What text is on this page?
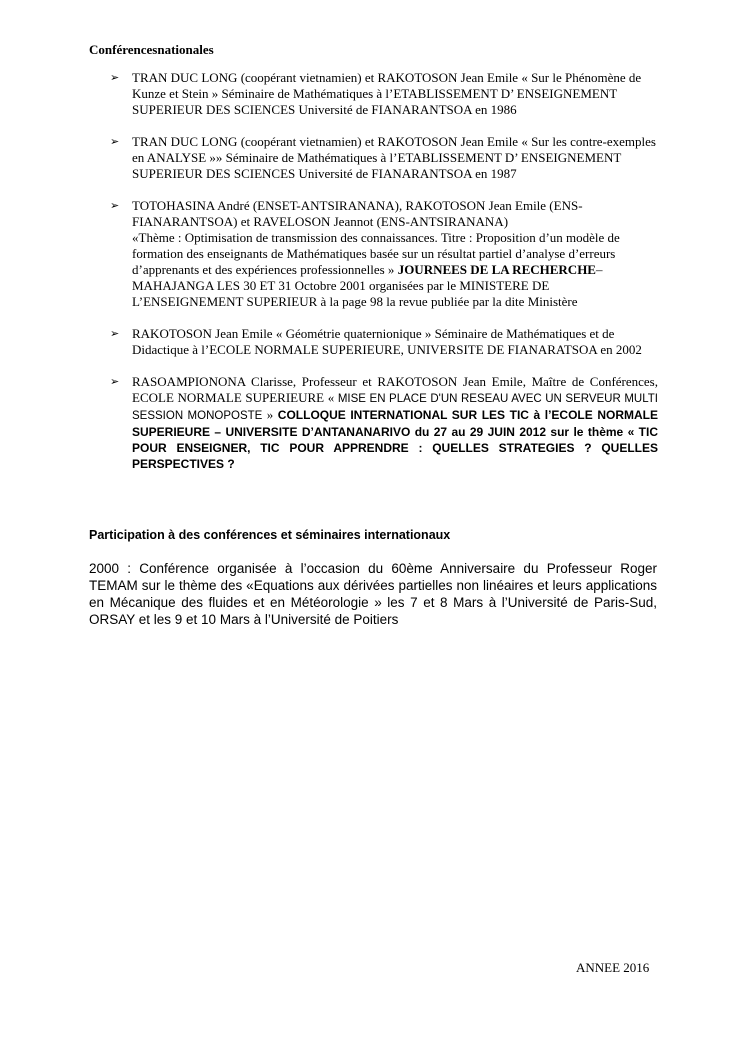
Conférencesnationales
➢ TRAN DUC LONG (coopérant vietnamien) et RAKOTOSON Jean Emile « Sur le Phénomène de Kunze et Stein » Séminaire de Mathématiques à l’ETABLISSEMENT D’ ENSEIGNEMENT SUPERIEUR DES SCIENCES Université de FIANARANTSOA en 1986
➢ TRAN DUC LONG (coopérant vietnamien) et RAKOTOSON Jean Emile « Sur les contre-exemples en ANALYSE »» Séminaire de Mathématiques à l’ETABLISSEMENT D’ ENSEIGNEMENT SUPERIEUR DES SCIENCES Université de FIANARANTSOA en 1987
➢ TOTOHASINA André (ENSET-ANTSIRANANA), RAKOTOSON Jean Emile (ENS-FIANARANTSOA) et RAVELOSON Jeannot (ENS-ANTSIRANANA)
«Thème : Optimisation de transmission des connaissances. Titre : Proposition d’un modèle de formation des enseignants de Mathématiques basée sur un résultat partiel d’analyse d’erreurs d’apprenants et des expériences professionnelles » JOURNEES DE LA RECHERCHE– MAHAJANGA LES 30 ET 31 Octobre 2001 organisées par le MINISTERE DE L’ENSEIGNEMENT SUPERIEUR à la page 98 la revue publiée par la dite Ministère
➢ RAKOTOSON Jean Emile « Géométrie quaternionique » Séminaire de Mathématiques et de Didactique à l’ECOLE NORMALE SUPERIEURE, UNIVERSITE DE FIANARATSOA en 2002
➢ RASOAMPIONONA Clarisse, Professeur et RAKOTOSON Jean Emile, Maître de Conférences, ECOLE NORMALE SUPERIEURE « MISE EN PLACE D'UN RESEAU AVEC UN SERVEUR MULTI SESSION MONOPOSTE » COLLOQUE INTERNATIONAL SUR LES TIC à l’ECOLE NORMALE SUPERIEURE – UNIVERSITE D’ANTANANARIVO du 27 au 29 JUIN 2012 sur le thème « TIC POUR ENSEIGNER, TIC POUR APPRENDRE : QUELLES STRATEGIES ? QUELLES PERSPECTIVES ?
Participation à des conférences et séminaires internationaux
2000 : Conférence organisée à l’occasion du 60ème Anniversaire du Professeur Roger TEMAM sur le thème des «Equations aux dérivées partielles non linéaires et leurs applications en Mécanique des fluides et en Météorologie » les 7 et 8 Mars à l’Université de Paris-Sud, ORSAY et les 9 et 10 Mars à l’Université de Poitiers
ANNEE 2016
